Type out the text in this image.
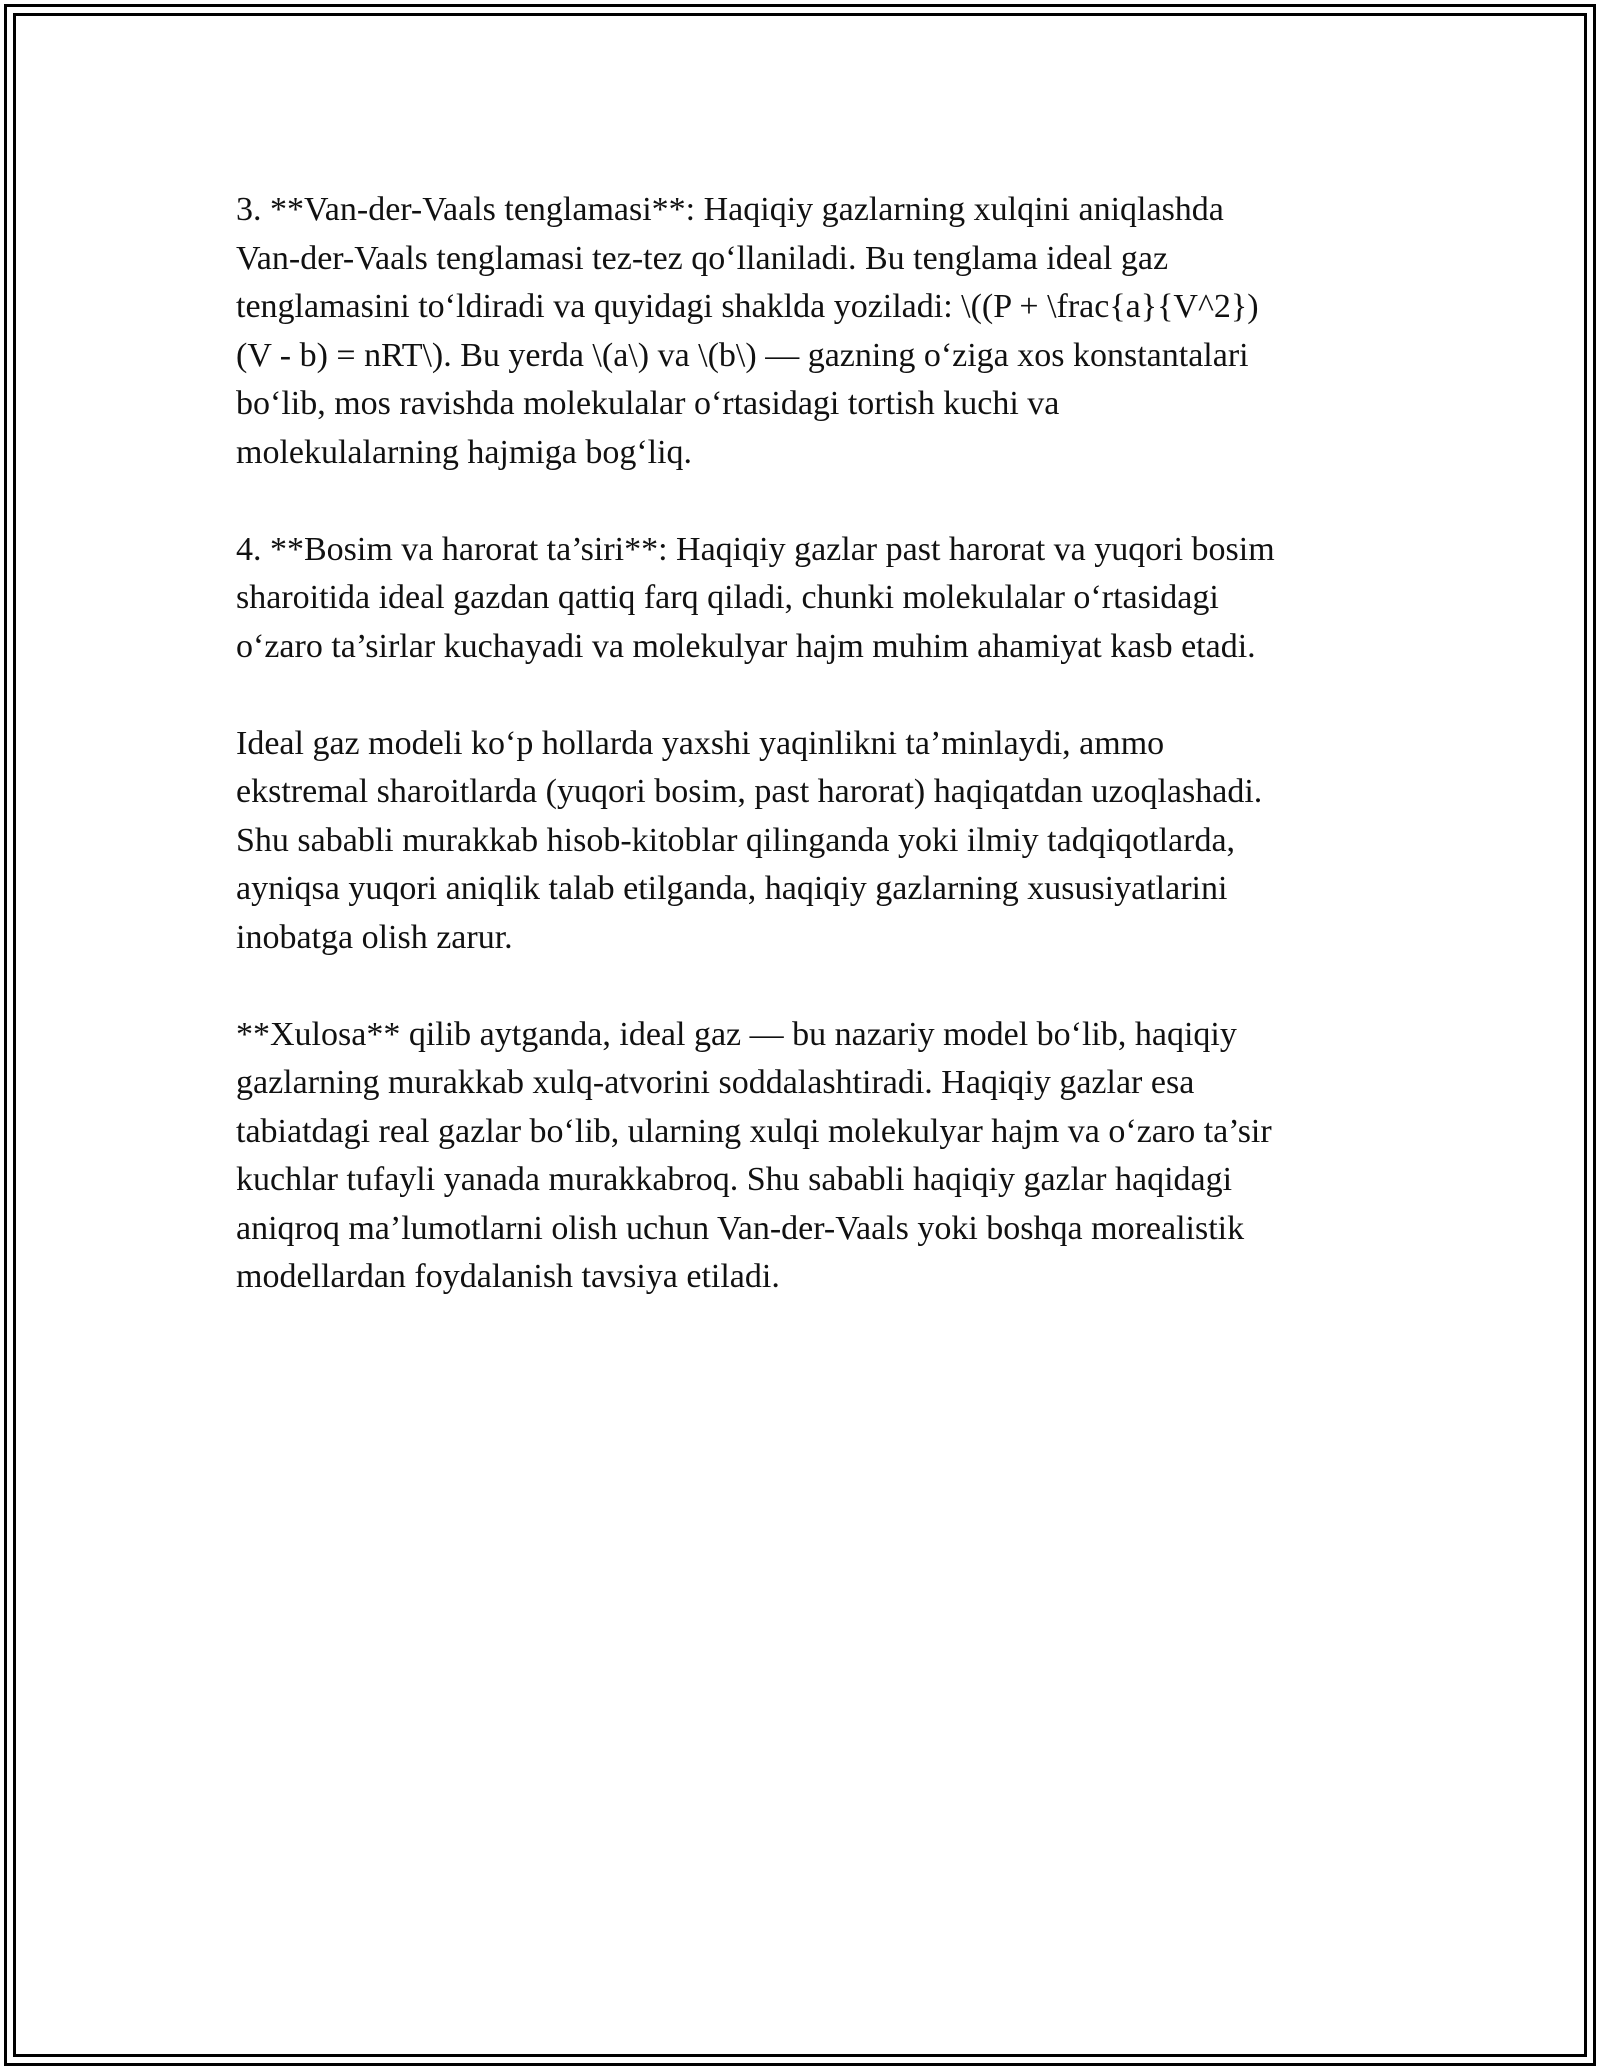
3. **Van-der-Vaals tenglamasi**: Haqiqiy gazlarning xulqini aniqlashda
Van-der-Vaals tenglamasi tez-tez qo‘llaniladi. Bu tenglama ideal gaz
tenglamasini to‘ldiradi va quyidagi shaklda yoziladi: \((P + \frac{a}{V^2})
(V - b) = nRT\). Bu yerda \(a\) va \(b\) — gazning o‘ziga xos konstantalari
bo‘lib, mos ravishda molekulalar o‘rtasidagi tortish kuchi va
molekulalarning hajmiga bog‘liq.

4. **Bosim va harorat ta’siri**: Haqiqiy gazlar past harorat va yuqori bosim
sharoitida ideal gazdan qattiq farq qiladi, chunki molekulalar o‘rtasidagi
o‘zaro ta’sirlar kuchayadi va molekulyar hajm muhim ahamiyat kasb etadi.

Ideal gaz modeli ko‘p hollarda yaxshi yaqinlikni ta’minlaydi, ammo
ekstremal sharoitlarda (yuqori bosim, past harorat) haqiqatdan uzoqlashadi.
Shu sababli murakkab hisob-kitoblar qilinganda yoki ilmiy tadqiqotlarda,
ayniqsa yuqori aniqlik talab etilganda, haqiqiy gazlarning xususiyatlarini
inobatga olish zarur.

**Xulosa** qilib aytganda, ideal gaz — bu nazariy model bo‘lib, haqiqiy
gazlarning murakkab xulq-atvorini soddalashtiradi. Haqiqiy gazlar esa
tabiatdagi real gazlar bo‘lib, ularning xulqi molekulyar hajm va o‘zaro ta’sir
kuchlar tufayli yanada murakkabroq. Shu sababli haqiqiy gazlar haqidagi
aniqroq ma’lumotlarni olish uchun Van-der-Vaals yoki boshqa morealistik
modellardan foydalanish tavsiya etiladi.
